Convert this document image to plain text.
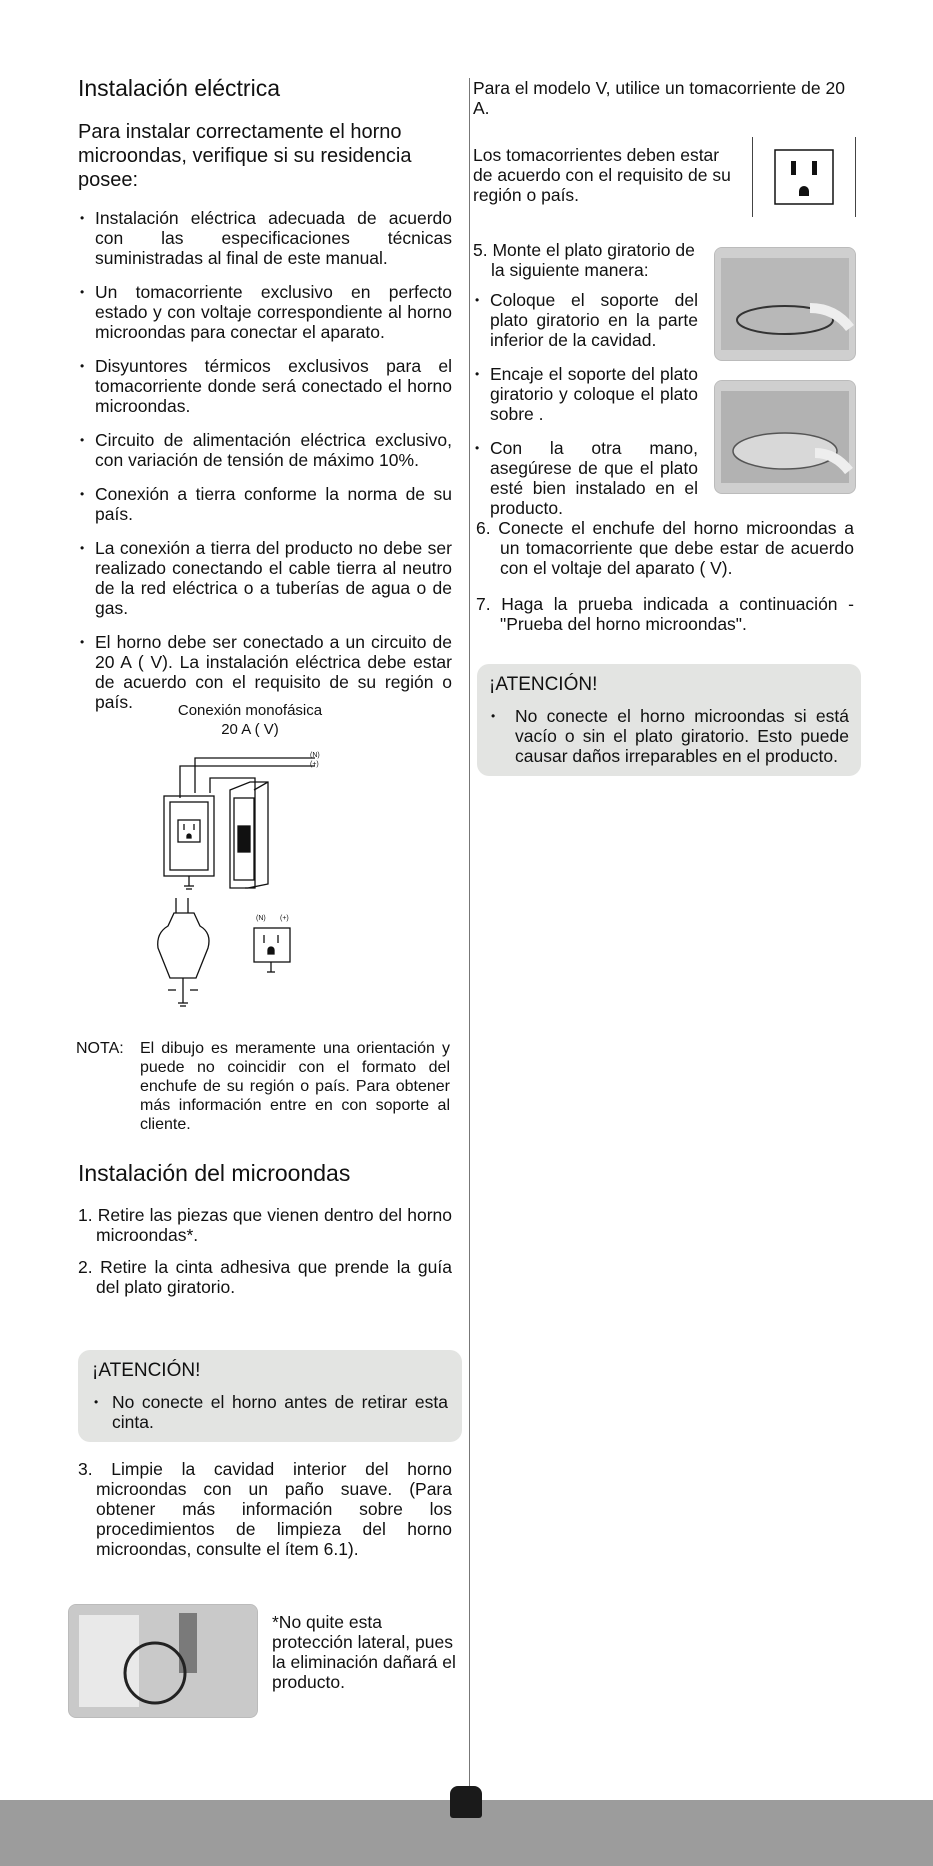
Instalación eléctrica

Para instalar correctamente el horno microondas, verifique si su residencia posee:

• Instalación eléctrica adecuada de acuerdo con las especificaciones técnicas suministradas al final de este manual.
• Un tomacorriente exclusivo en perfecto estado y con voltaje correspondiente al horno microondas para conectar el aparato.
• Disyuntores térmicos exclusivos para el tomacorriente donde será conectado el horno microondas.
• Circuito de alimentación eléctrica exclusivo, con variación de tensión de máximo 10%.
• Conexión a tierra conforme la norma de su país.
• La conexión a tierra del producto no debe ser realizado conectando el cable tierra al neutro de la red eléctrica o a tuberías de agua o de gas.
• El horno debe ser conectado a un circuito de 20 A ( V). La instalación eléctrica debe estar de acuerdo con el requisito de su región o país.	Conexión monofásica
20 A ( V)
(N)
(+)
(N) (+)
NOTA: El dibujo es meramente una orientación y puede no coincidir con el formato del enchufe de su región o país. Para obtener más información entre en con soporte al cliente.
Instalación del microondas
1. Retire las piezas que vienen dentro del horno microondas*.
2. Retire la cinta adhesiva que prende la guía del plato giratorio.

¡ATENCIÓN!

• No conecte el horno antes de retirar esta cinta.
3. Limpie la cavidad interior del horno microondas con un paño suave. (Para obtener más información sobre los procedimientos de limpieza del horno microondas, consulte el ítem 6.1).
*No quite esta protección lateral, pues la eliminación dañará el producto.
Para el modelo V, utilice un tomacorriente de 20 A.
Los tomacorrientes deben estar de acuerdo con el requisito de su región o país.
5. Monte el plato giratorio de la siguiente manera:
• Coloque el soporte del plato giratorio en la parte inferior de la cavidad.
• Encaje el soporte del plato giratorio y coloque el plato sobre .
• Con la otra mano, asegúrese de que el plato esté bien instalado en el producto.
6. Conecte el enchufe del horno microondas a un tomacorriente que debe estar de acuerdo con el voltaje del aparato ( V).
7. Haga la prueba indicada a continuación - "Prueba del horno microondas".

¡ATENCIÓN!

• No conecte el horno microondas si está vacío o sin el plato giratorio. Esto puede causar daños irreparables en el producto.
